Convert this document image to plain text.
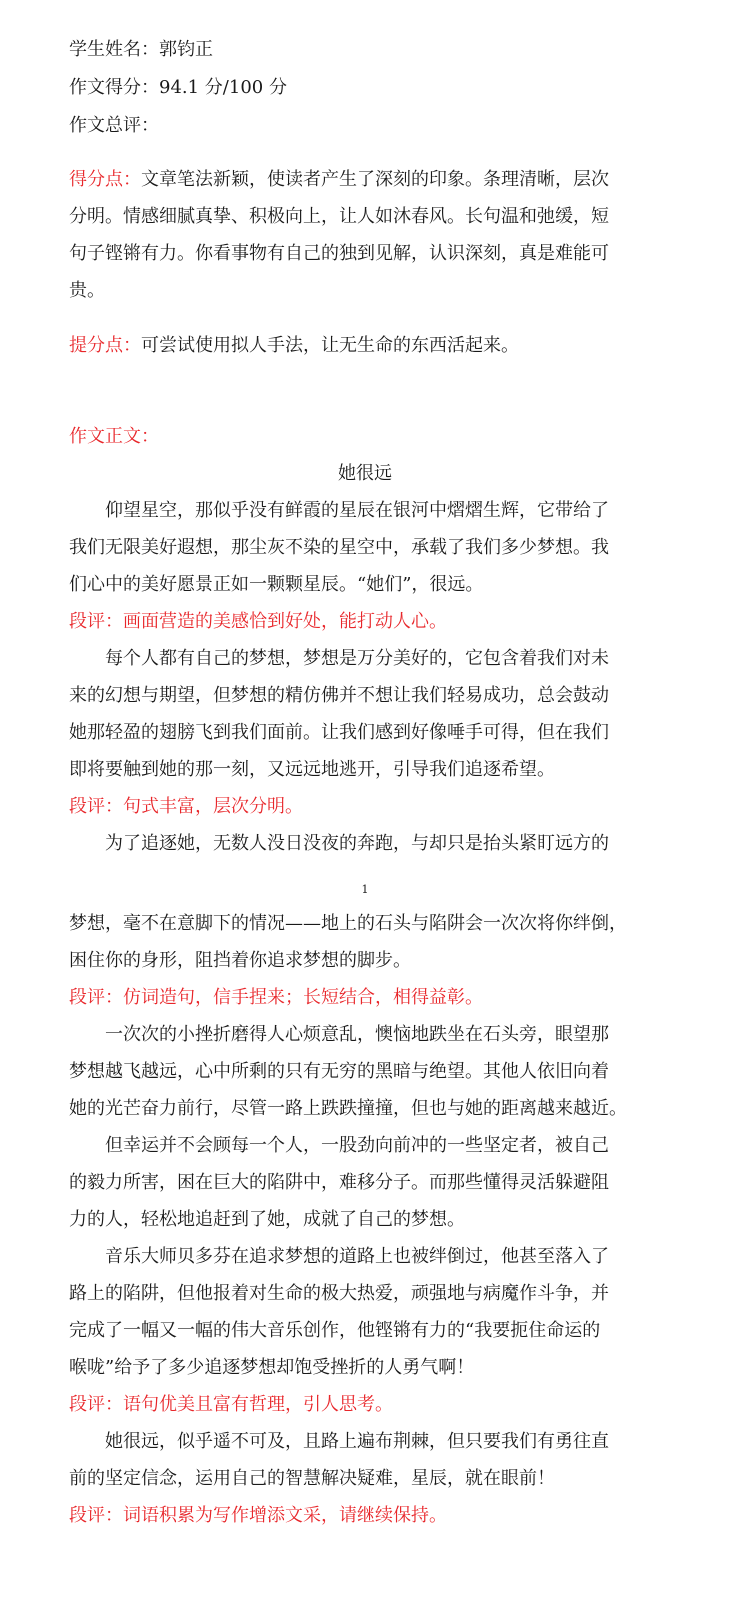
学生姓名：郭钧正
作文得分：94.1 分/100 分
作文总评：
得分点：文章笔法新颖，使读者产生了深刻的印象。条理清晰，层次
分明。情感细腻真挚、积极向上，让人如沐春风。长句温和弛缓，短
句子铿锵有力。你看事物有自己的独到见解，认识深刻，真是难能可
贵。
提分点：可尝试使用拟人手法，让无生命的东西活起来。
作文正文：
她很远
仰望星空，那似乎没有鲜霞的星辰在银河中熠熠生辉，它带给了
我们无限美好遐想，那尘灰不染的星空中，承载了我们多少梦想。我
们心中的美好愿景正如一颗颗星辰。“她们”，很远。
段评：画面营造的美感恰到好处，能打动人心。
每个人都有自己的梦想，梦想是万分美好的，它包含着我们对未
来的幻想与期望，但梦想的精仿佛并不想让我们轻易成功，总会鼓动
她那轻盈的翅膀飞到我们面前。让我们感到好像唾手可得，但在我们
即将要触到她的那一刻，又远远地逃开，引导我们追逐希望。
段评：句式丰富，层次分明。
为了追逐她，无数人没日没夜的奔跑，与却只是抬头紧盯远方的
1
梦想，毫不在意脚下的情况——地上的石头与陷阱会一次次将你绊倒，
困住你的身形，阻挡着你追求梦想的脚步。
段评：仿词造句，信手捏来；长短结合，相得益彰。
一次次的小挫折磨得人心烦意乱，懊恼地跌坐在石头旁，眼望那
梦想越飞越远，心中所剩的只有无穷的黑暗与绝望。其他人依旧向着
她的光芒奋力前行，尽管一路上跌跌撞撞，但也与她的距离越来越近。
但幸运并不会顾每一个人，一股劲向前冲的一些坚定者，被自己
的毅力所害，困在巨大的陷阱中，难移分子。而那些懂得灵活躲避阻
力的人，轻松地追赶到了她，成就了自己的梦想。
音乐大师贝多芬在追求梦想的道路上也被绊倒过，他甚至落入了
路上的陷阱，但他报着对生命的极大热爱，顽强地与病魔作斗争，并
完成了一幅又一幅的伟大音乐创作，他铿锵有力的“我要扼住命运的
喉咙”给予了多少追逐梦想却饱受挫折的人勇气啊！
段评：语句优美且富有哲理，引人思考。
她很远，似乎遥不可及，且路上遍布荆棘，但只要我们有勇往直
前的坚定信念，运用自己的智慧解决疑难，星辰，就在眼前！
段评：词语积累为写作增添文采，请继续保持。
